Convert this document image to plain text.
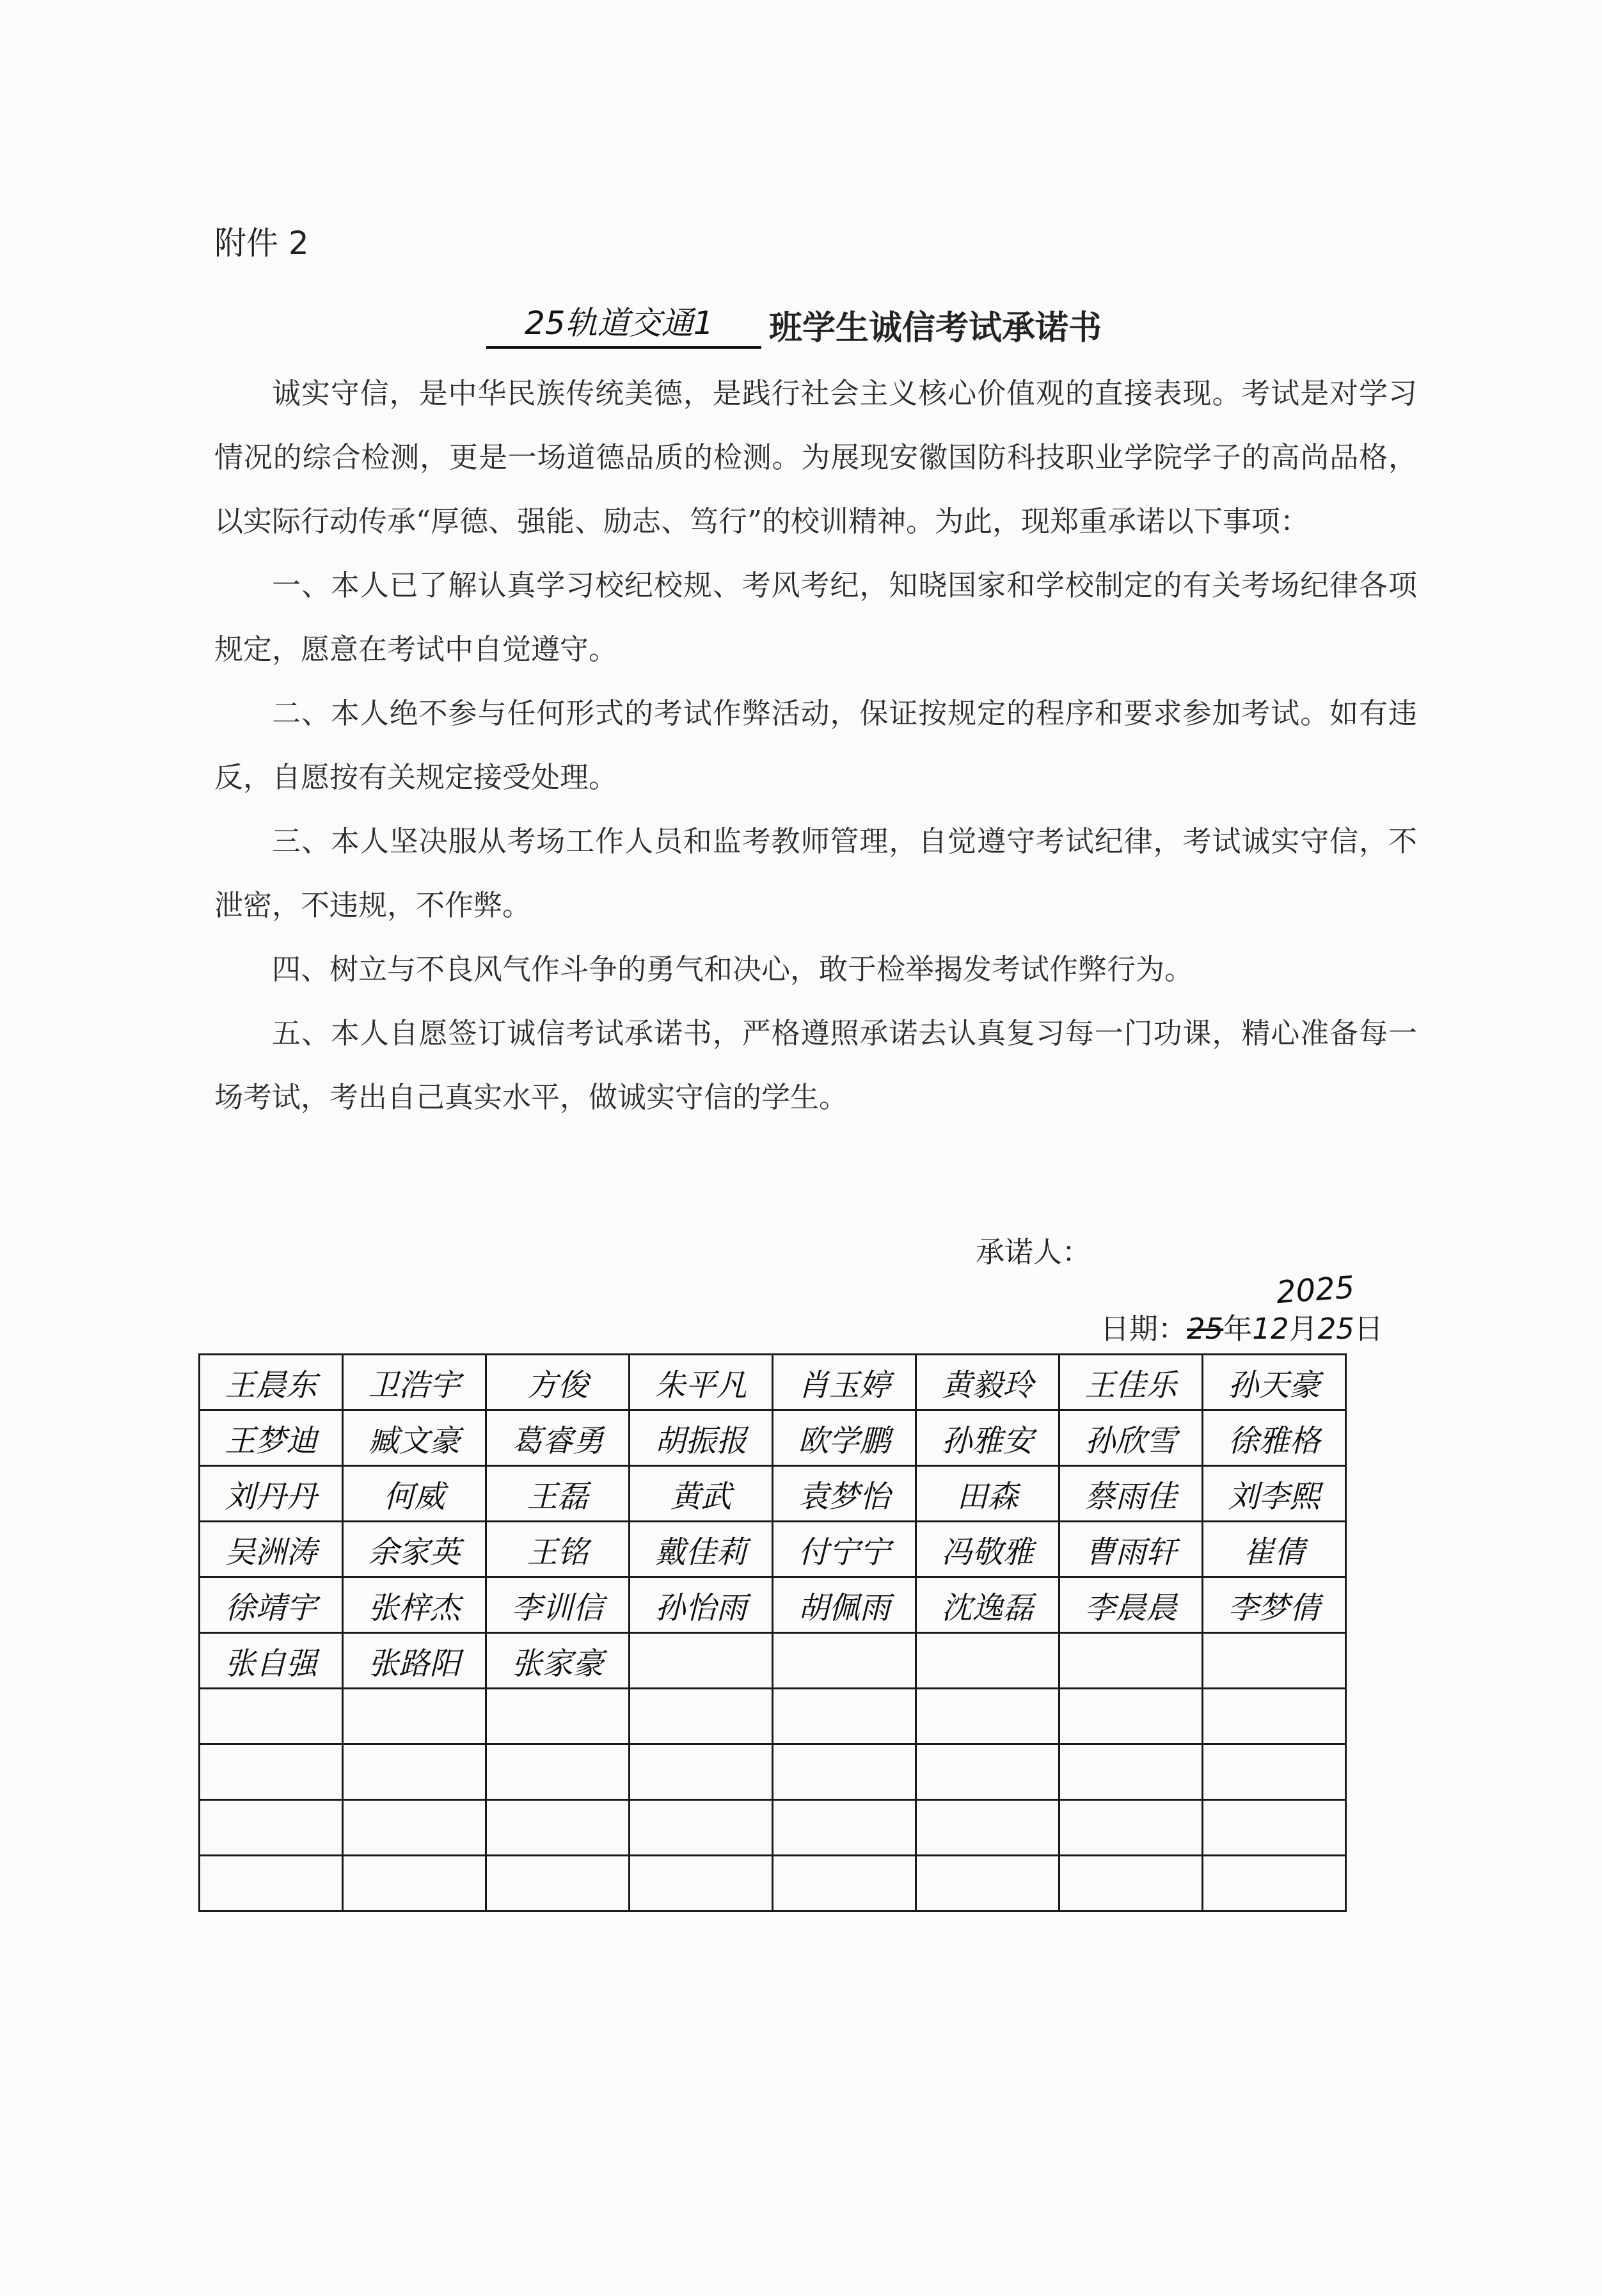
附件 2
25轨道交通1	班学生诚信考试承诺书

诚实守信，是中华民族传统美德，是践行社会主义核心价值观的直接表现。考试是对学习情况的综合检测，更是一场道德品质的检测。为展现安徽国防科技职业学院学子的高尚品格，以实际行动传承“厚德、强能、励志、笃行”的校训精神。为此，现郑重承诺以下事项：

一、本人已了解认真学习校纪校规、考风考纪，知晓国家和学校制定的有关考场纪律各项规定，愿意在考试中自觉遵守。

二、本人绝不参与任何形式的考试作弊活动，保证按规定的程序和要求参加考试。如有违反，自愿按有关规定接受处理。

三、本人坚决服从考场工作人员和监考教师管理，自觉遵守考试纪律，考试诚实守信，不泄密，不违规，不作弊。

四、树立与不良风气作斗争的勇气和决心，敢于检举揭发考试作弊行为。

五、本人自愿签订诚信考试承诺书，严格遵照承诺去认真复习每一门功课，精心准备每一场考试，考出自己真实水平，做诚实守信的学生。

承诺人：
日期：25
2025
年12月25日
王晨东	卫浩宇	方俊	朱平凡	肖玉婷	黄毅玲	王佳乐	孙天豪
王梦迪	臧文豪	葛睿勇	胡振报	欧学鹏	孙雅安	孙欣雪	徐雅格
刘丹丹	何威	王磊	黄武	袁梦怡	田森	蔡雨佳	刘李熙
吴洲涛	余家英	王铭	戴佳莉	付宁宁	冯敬雅	曹雨轩	崔倩
徐靖宇	张梓杰	李训信	孙怡雨	胡佩雨	沈逸磊	李晨晨	李梦倩
张自强	张路阳	张家豪					
